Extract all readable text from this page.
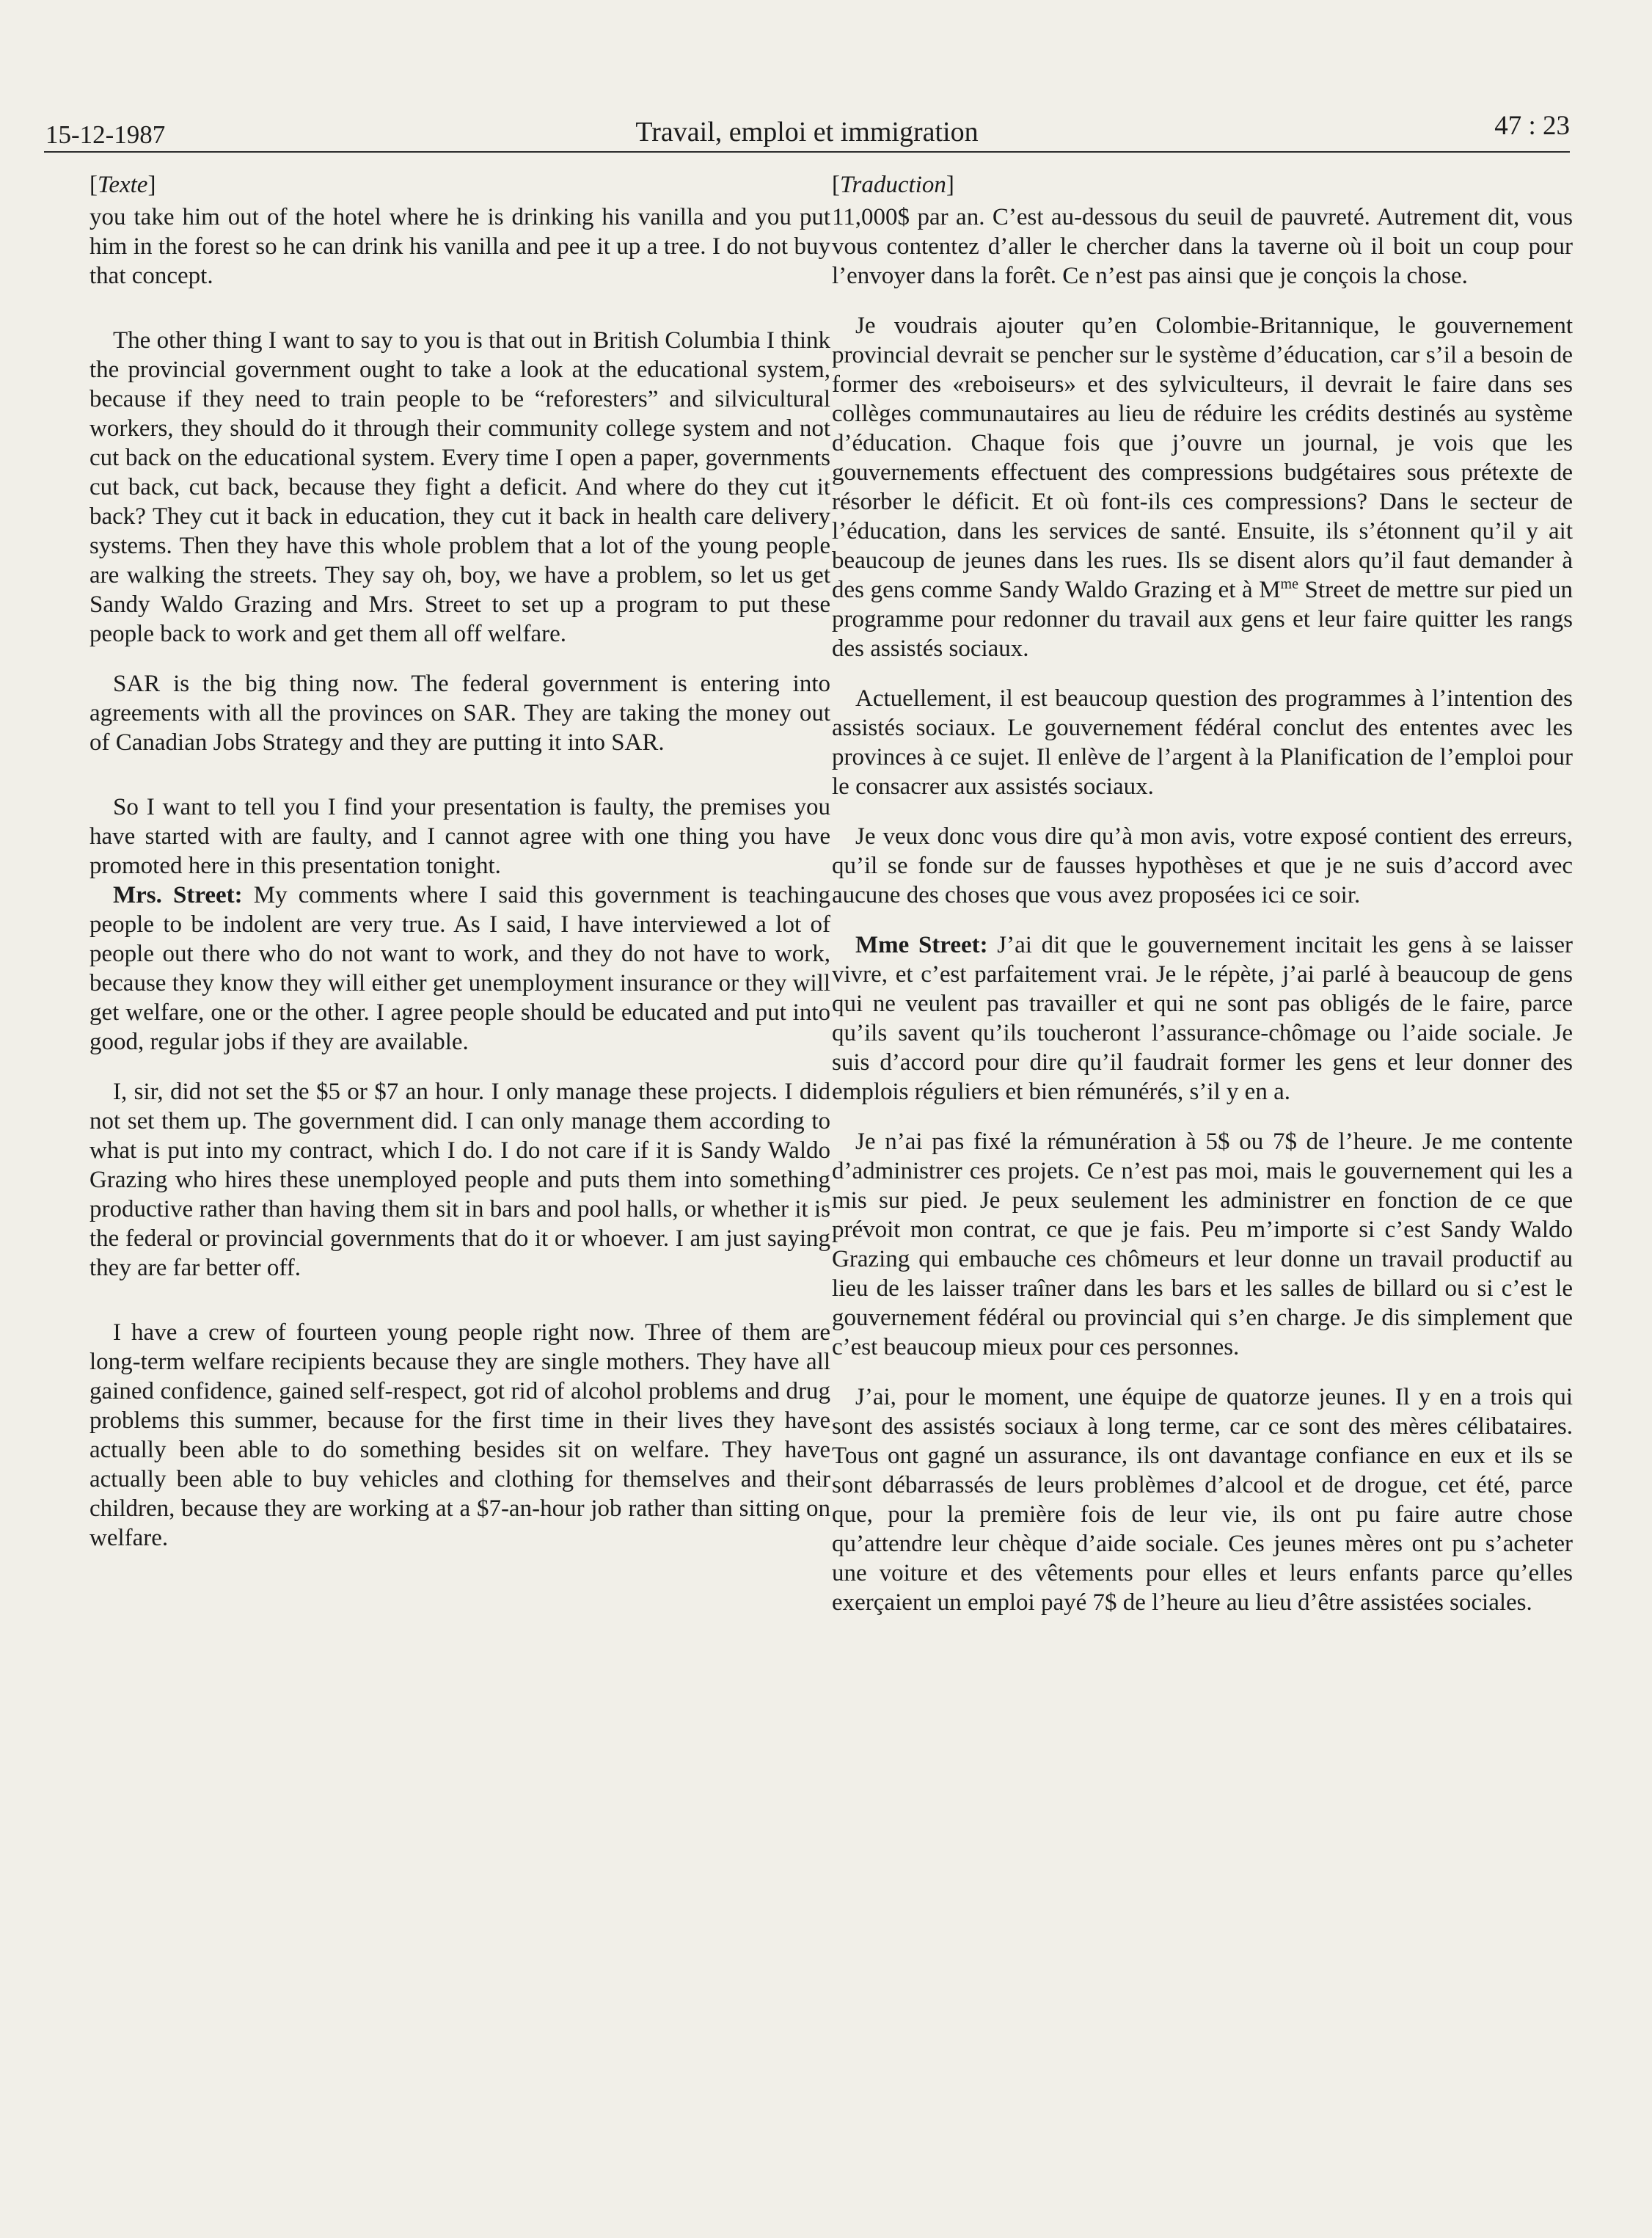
15-12-1987	Travail, emploi et immigration	47 : 23
[Texte]

you take him out of the hotel where he is drinking his vanilla and you put him in the forest so he can drink his vanilla and pee it up a tree. I do not buy that concept.

The other thing I want to say to you is that out in British Columbia I think the provincial government ought to take a look at the educational system, because if they need to train people to be “reforesters” and silvicultural workers, they should do it through their community college system and not cut back on the educational system. Every time I open a paper, governments cut back, cut back, because they fight a deficit. And where do they cut it back? They cut it back in education, they cut it back in health care delivery systems. Then they have this whole problem that a lot of the young people are walking the streets. They say oh, boy, we have a problem, so let us get Sandy Waldo Grazing and Mrs. Street to set up a program to put these people back to work and get them all off welfare.

SAR is the big thing now. The federal government is entering into agreements with all the provinces on SAR. They are taking the money out of Canadian Jobs Strategy and they are putting it into SAR.

So I want to tell you I find your presentation is faulty, the premises you have started with are faulty, and I cannot agree with one thing you have promoted here in this presentation tonight.

Mrs. Street: My comments where I said this government is teaching people to be indolent are very true. As I said, I have interviewed a lot of people out there who do not want to work, and they do not have to work, because they know they will either get unemployment insurance or they will get welfare, one or the other. I agree people should be educated and put into good, regular jobs if they are available.

I, sir, did not set the $5 or $7 an hour. I only manage these projects. I did not set them up. The government did. I can only manage them according to what is put into my contract, which I do. I do not care if it is Sandy Waldo Grazing who hires these unemployed people and puts them into something productive rather than having them sit in bars and pool halls, or whether it is the federal or provincial governments that do it or whoever. I am just saying they are far better off.

I have a crew of fourteen young people right now. Three of them are long-term welfare recipients because they are single mothers. They have all gained confidence, gained self-respect, got rid of alcohol problems and drug problems this summer, because for the first time in their lives they have actually been able to do something besides sit on welfare. They have actually been able to buy vehicles and clothing for themselves and their children, because they are working at a $7-an-hour job rather than sitting on welfare.

[Traduction]

11,000$ par an. C’est au-dessous du seuil de pauvreté. Autrement dit, vous vous contentez d’aller le chercher dans la taverne où il boit un coup pour l’envoyer dans la forêt. Ce n’est pas ainsi que je conçois la chose.

Je voudrais ajouter qu’en Colombie-Britannique, le gouvernement provincial devrait se pencher sur le système d’éducation, car s’il a besoin de former des «reboiseurs» et des sylviculteurs, il devrait le faire dans ses collèges communautaires au lieu de réduire les crédits destinés au système d’éducation. Chaque fois que j’ouvre un journal, je vois que les gouvernements effectuent des compressions budgétaires sous prétexte de résorber le déficit. Et où font-ils ces compressions? Dans le secteur de l’éducation, dans les services de santé. Ensuite, ils s’étonnent qu’il y ait beaucoup de jeunes dans les rues. Ils se disent alors qu’il faut demander à des gens comme Sandy Waldo Grazing et à $M^{me}$ Street de mettre sur pied un programme pour redonner du travail aux gens et leur faire quitter les rangs des assistés sociaux.

Actuellement, il est beaucoup question des programmes à l’intention des assistés sociaux. Le gouvernement fédéral conclut des ententes avec les provinces à ce sujet. Il enlève de l’argent à la Planification de l’emploi pour le consacrer aux assistés sociaux.

Je veux donc vous dire qu’à mon avis, votre exposé contient des erreurs, qu’il se fonde sur de fausses hypothèses et que je ne suis d’accord avec aucune des choses que vous avez proposées ici ce soir.

Mme Street: J’ai dit que le gouvernement incitait les gens à se laisser vivre, et c’est parfaitement vrai. Je le répète, j’ai parlé à beaucoup de gens qui ne veulent pas travailler et qui ne sont pas obligés de le faire, parce qu’ils savent qu’ils toucheront l’assurance-chômage ou l’aide sociale. Je suis d’accord pour dire qu’il faudrait former les gens et leur donner des emplois réguliers et bien rémunérés, s’il y en a.

Je n’ai pas fixé la rémunération à 5$ ou 7$ de l’heure. Je me contente d’administrer ces projets. Ce n’est pas moi, mais le gouvernement qui les a mis sur pied. Je peux seulement les administrer en fonction de ce que prévoit mon contrat, ce que je fais. Peu m’importe si c’est Sandy Waldo Grazing qui embauche ces chômeurs et leur donne un travail productif au lieu de les laisser traîner dans les bars et les salles de billard ou si c’est le gouvernement fédéral ou provincial qui s’en charge. Je dis simplement que c’est beaucoup mieux pour ces personnes.

J’ai, pour le moment, une équipe de quatorze jeunes. Il y en a trois qui sont des assistés sociaux à long terme, car ce sont des mères célibataires. Tous ont gagné un assurance, ils ont davantage confiance en eux et ils se sont débarrassés de leurs problèmes d’alcool et de drogue, cet été, parce que, pour la première fois de leur vie, ils ont pu faire autre chose qu’attendre leur chèque d’aide sociale. Ces jeunes mères ont pu s’acheter une voiture et des vêtements pour elles et leurs enfants parce qu’elles exerçaient un emploi payé 7$ de l’heure au lieu d’être assistées sociales.
